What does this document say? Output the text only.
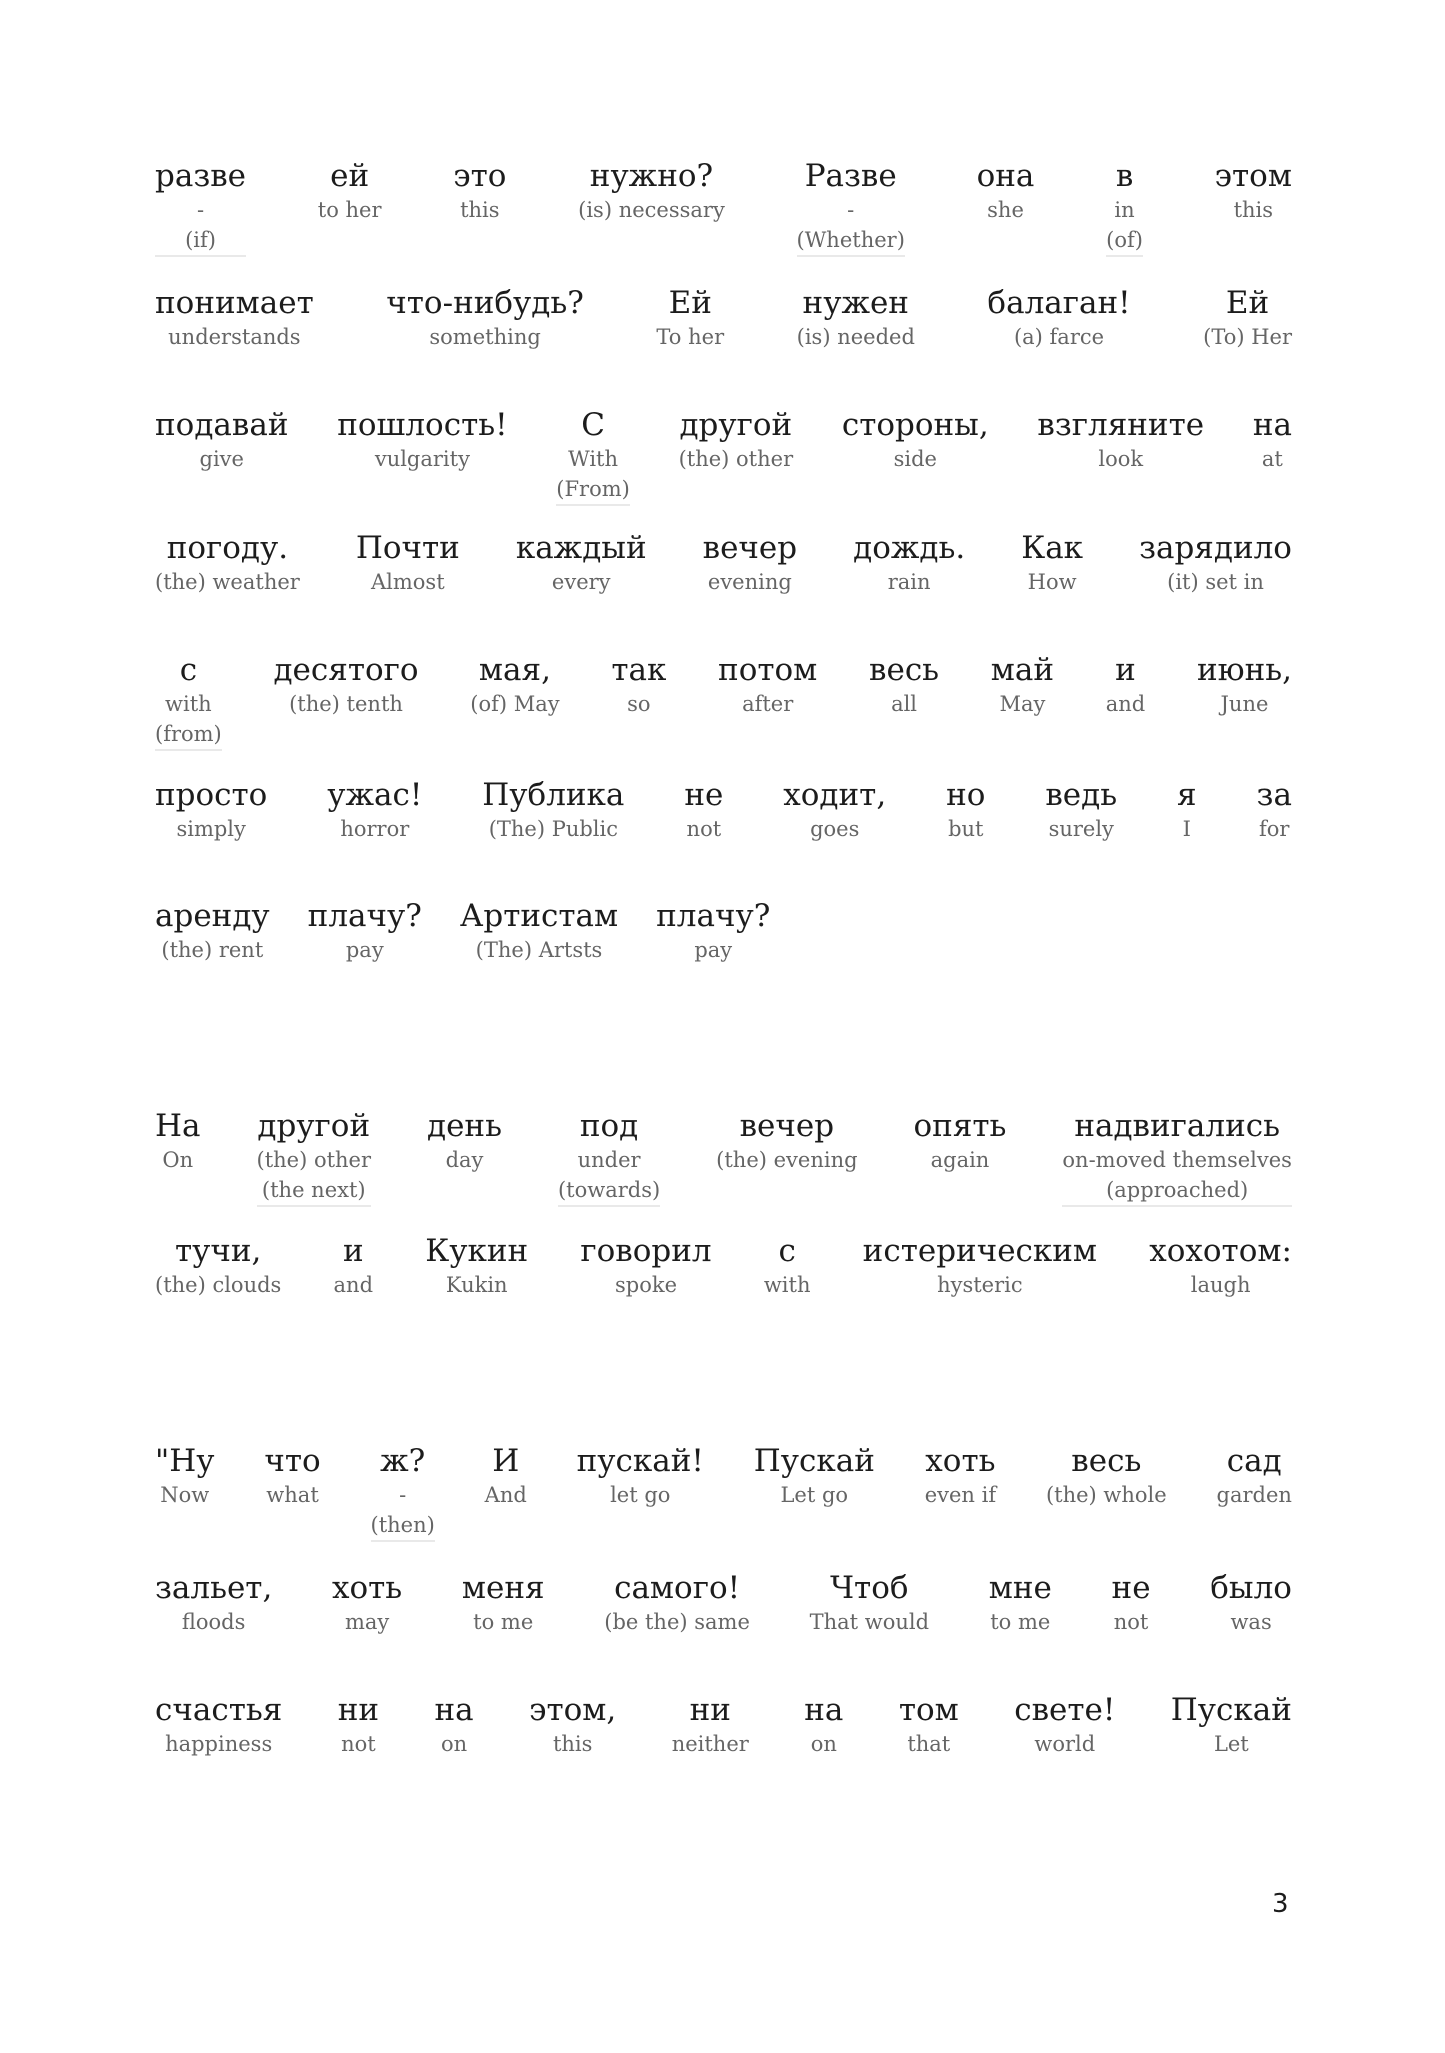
разве
-
(if)
ей
to her
это
this
нужно?
(is) necessary
Разве
-
(Whether)
она
she
в
in
(of)
этом
this
понимает
understands
что-нибудь?
something
Ей
To her
нужен
(is) needed
балаган!
(a) farce
Ей
(To) Her
подавай
give
пошлость!
vulgarity
С
With
(From)
другой
(the) other
стороны,
side
взгляните
look
на
at
погоду.
(the) weather
Почти
Almost
каждый
every
вечер
evening
дождь.
rain
Как
How
зарядило
(it) set in
с
with
(from)
десятого
(the) tenth
мая,
(of) May
так
so
потом
after
весь
all
май
May
и
and
июнь,
June
просто
simply
ужас!
horror
Публика
(The) Public
не
not
ходит,
goes
но
but
ведь
surely
я
I
за
for
аренду
(the) rent
плачу?
pay
Артистам
(The) Artsts
плачу?
pay
На
On
другой
(the) other
(the next)
день
day
под
under
(towards)
вечер
(the) evening
опять
again
надвигались
on-moved themselves
(approached)
тучи,
(the) clouds
и
and
Кукин
Kukin
говорил
spoke
с
with
истерическим
hysteric
хохотом:
laugh
"Ну
Now
что
what
ж?
-
(then)
И
And
пускай!
let go
Пускай
Let go
хоть
even if
весь
(the) whole
сад
garden
зальет,
floods
хоть
may
меня
to me
самого!
(be the) same
Чтоб
That would
мне
to me
не
not
было
was
счастья
happiness
ни
not
на
on
этом,
this
ни
neither
на
on
том
that
свете!
world
Пускай
Let
3
